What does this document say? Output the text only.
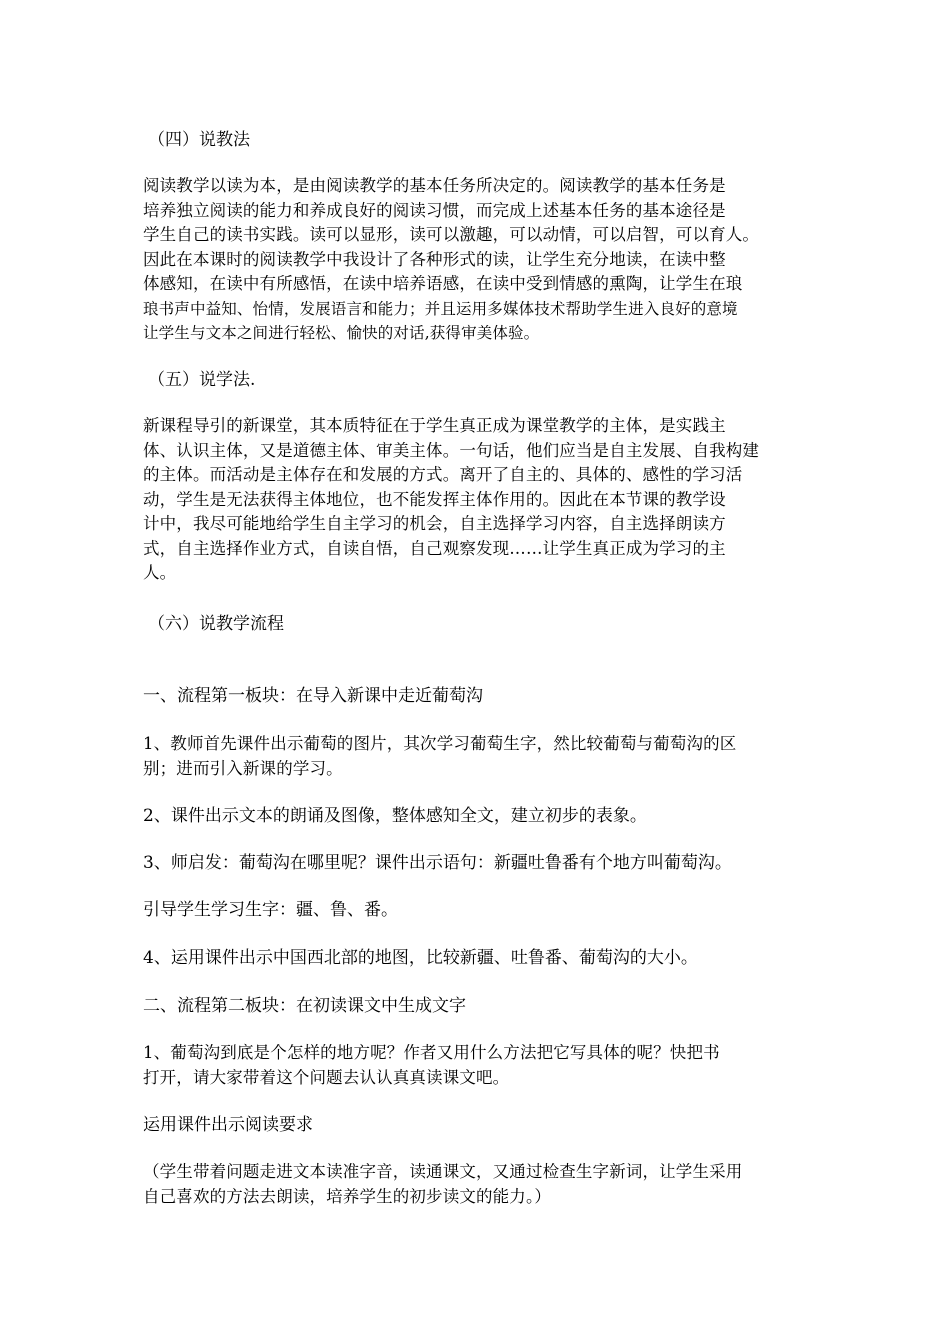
（四）说教法
阅读教学以读为本，是由阅读教学的基本任务所决定的。阅读教学的基本任务是
培养独立阅读的能力和养成良好的阅读习惯，而完成上述基本任务的基本途径是
学生自己的读书实践。读可以显形，读可以激趣，可以动情，可以启智，可以育人。
因此在本课时的阅读教学中我设计了各种形式的读，让学生充分地读，在读中整
体感知，在读中有所感悟，在读中培养语感，在读中受到情感的熏陶，让学生在琅
琅书声中益知、怡情，发展语言和能力；并且运用多媒体技术帮助学生进入良好的意境
让学生与文本之间进行轻松、愉快的对话,获得审美体验。
（五）说学法.
新课程导引的新课堂，其本质特征在于学生真正成为课堂教学的主体，是实践主
体、认识主体，又是道德主体、审美主体。一句话，他们应当是自主发展、自我构建
的主体。而活动是主体存在和发展的方式。离开了自主的、具体的、感性的学习活
动，学生是无法获得主体地位，也不能发挥主体作用的。因此在本节课的教学设
计中，我尽可能地给学生自主学习的机会，自主选择学习内容，自主选择朗读方
式，自主选择作业方式，自读自悟，自己观察发现……让学生真正成为学习的主
人。
（六）说教学流程
一、流程第一板块：在导入新课中走近葡萄沟
1、教师首先课件出示葡萄的图片，其次学习葡萄生字，然比较葡萄与葡萄沟的区
别；进而引入新课的学习。
2、课件出示文本的朗诵及图像，整体感知全文，建立初步的表象。
3、师启发：葡萄沟在哪里呢？课件出示语句：新疆吐鲁番有个地方叫葡萄沟。
引导学生学习生字：疆、鲁、番。
4、运用课件出示中国西北部的地图，比较新疆、吐鲁番、葡萄沟的大小。
二、流程第二板块：在初读课文中生成文字
1、葡萄沟到底是个怎样的地方呢？作者又用什么方法把它写具体的呢？快把书
打开，请大家带着这个问题去认认真真读课文吧。
运用课件出示阅读要求
（学生带着问题走进文本读准字音，读通课文，又通过检查生字新词，让学生采用
自己喜欢的方法去朗读，培养学生的初步读文的能力。）
